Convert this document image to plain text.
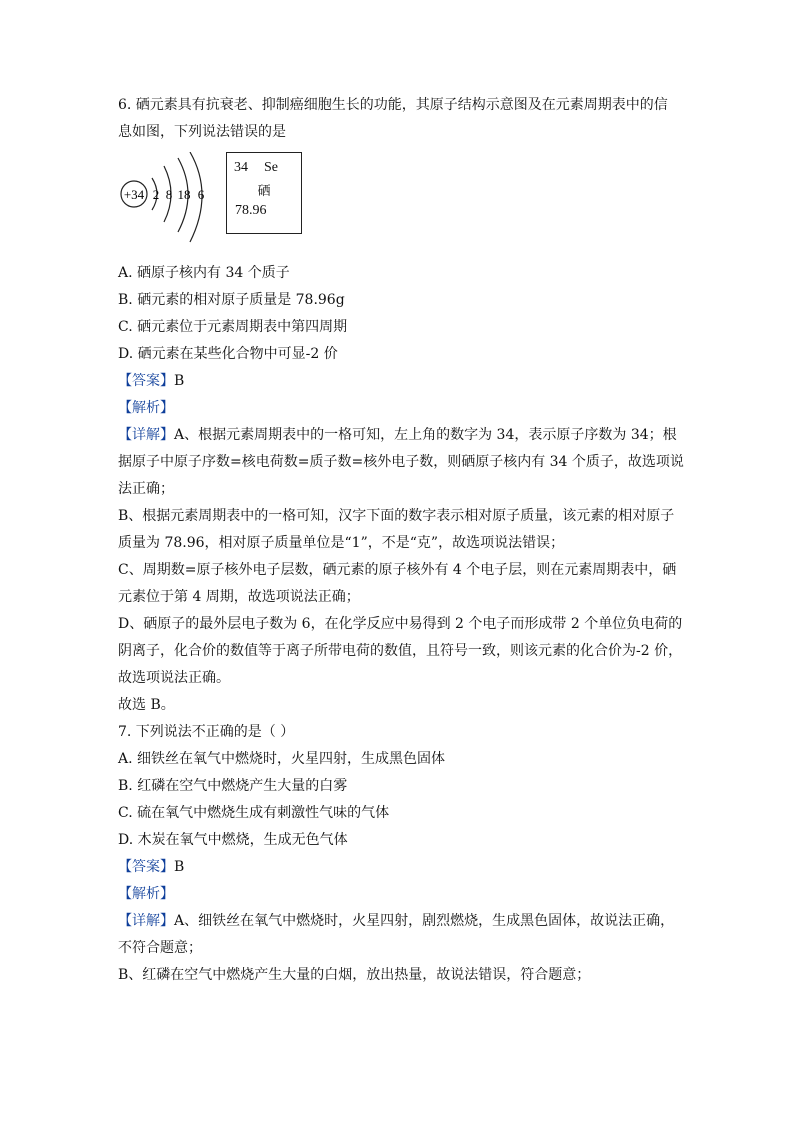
6. 硒元素具有抗衰老、抑制癌细胞生长的功能，其原子结构示意图及在元素周期表中的信
息如图，下列说法错误的是
+34 2 8 18 6
34 Se
硒
78.96
A. 硒原子核内有 34 个质子
B. 硒元素的相对原子质量是 78.96g
C. 硒元素位于元素周期表中第四周期
D. 硒元素在某些化合物中可显-2 价
【答案】B
【解析】
【详解】A、根据元素周期表中的一格可知，左上角的数字为 34，表示原子序数为 34；根
据原子中原子序数=核电荷数=质子数=核外电子数，则硒原子核内有 34 个质子，故选项说
法正确；
B、根据元素周期表中的一格可知，汉字下面的数字表示相对原子质量，该元素的相对原子
质量为 78.96，相对原子质量单位是“1”，不是“克”，故选项说法错误；
C、周期数=原子核外电子层数，硒元素的原子核外有 4 个电子层，则在元素周期表中，硒
元素位于第 4 周期，故选项说法正确；
D、硒原子的最外层电子数为 6，在化学反应中易得到 2 个电子而形成带 2 个单位负电荷的
阴离子，化合价的数值等于离子所带电荷的数值，且符号一致，则该元素的化合价为-2 价，
故选项说法正确。
故选 B。
7. 下列说法不正确的是（ ）
A. 细铁丝在氧气中燃烧时，火星四射，生成黑色固体
B. 红磷在空气中燃烧产生大量的白雾
C. 硫在氧气中燃烧生成有刺激性气味的气体
D. 木炭在氧气中燃烧，生成无色气体
【答案】B
【解析】
【详解】A、细铁丝在氧气中燃烧时，火星四射，剧烈燃烧，生成黑色固体，故说法正确，
不符合题意；
B、红磷在空气中燃烧产生大量的白烟，放出热量，故说法错误，符合题意；
